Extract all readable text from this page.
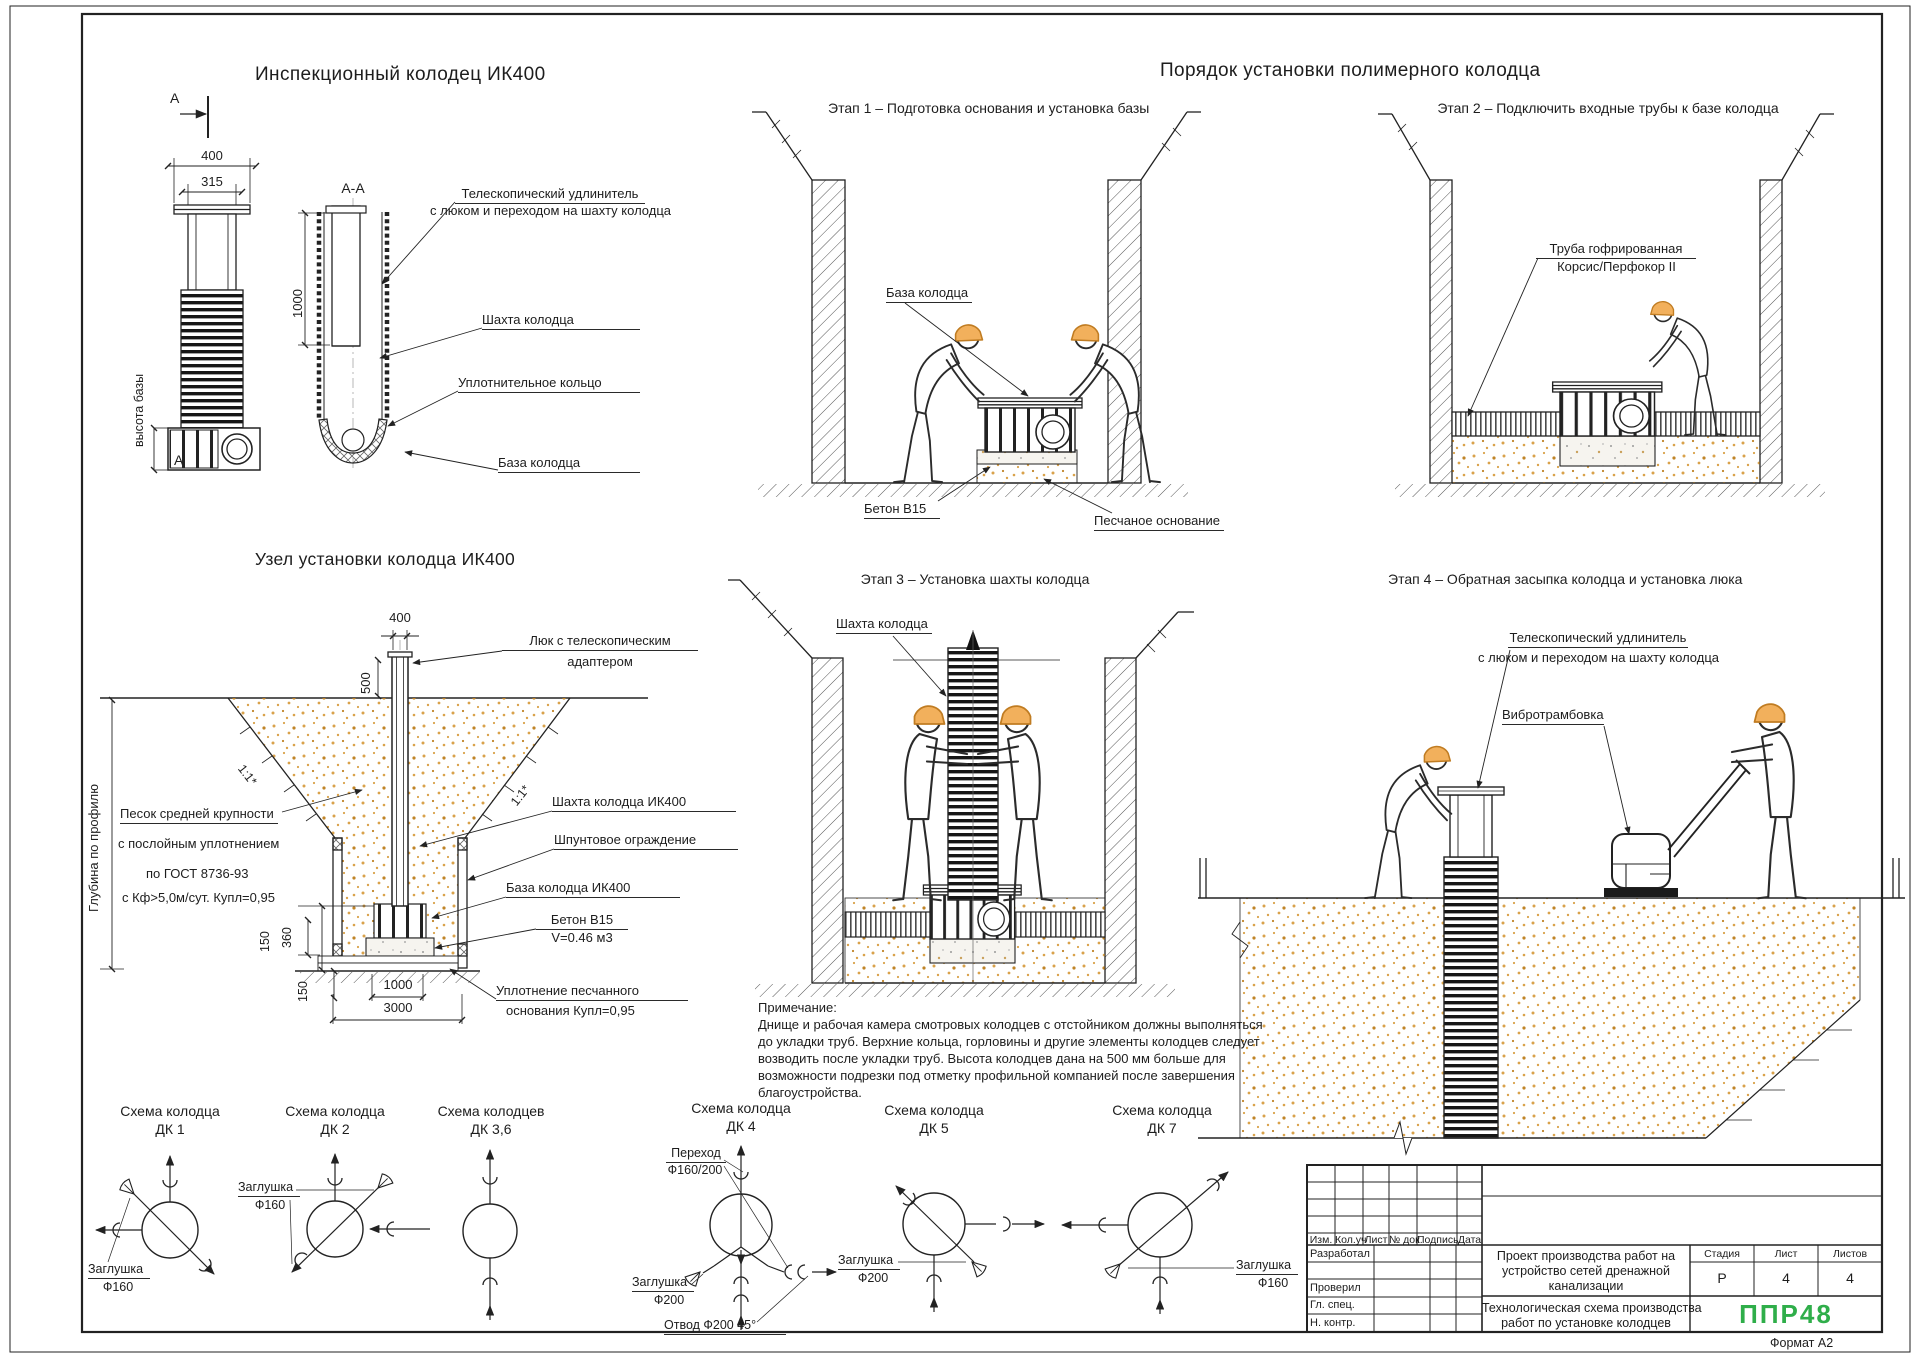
Инспекционный колодец ИК400
А
А
А-А
400
315
1000
высота базы
Телескопический удлинитель
с люком и переходом на шахту колодца
Шахта колодца
Уплотнительное кольцо
База колодца
Порядок установки полимерного колодца
Этап 1 – Подготовка основания и установка базы	Этап 2 – Подключить входные трубы к базе колодца
Этап 3 – Установка шахты колодца	Этап 4 – Обратная засыпка колодца и установка люка
База колодца
Бетон В15
Песчаное основание
Труба гофрированная
Корсис/Перфокор II
Шахта колодца
Телескопический удлинитель
с люком и переходом на шахту колодца
Вибротрамбовка
Узел установки колодца ИК400
400
500
1:1*
1:1*
Глубина по профилю Песок средней крупности
с послойным уплотнением
по ГОСТ 8736-93
с Кф>5,0м/сут. Купл=0,95
Люк с телескопическим
адаптером
Шахта колодца ИК400
Шпунтовое ограждение
База колодца ИК400
Бетон В15
V=0.46 м3
Уплотнение песчанного
основания Купл=0,95
150 360
150	1000
3000	Примечание:
Днище и рабочая камера смотровых колодцев с отстойником должны выполняться
до укладки труб. Верхние кольца, горловины и другие элементы колодцев следует
возводить после укладки труб. Высота колодцев дана на 500 мм больше для
возможности подрезки под отметку профильной компанией после завершения
благоустройства.
Схема колодца
ДК 1
Заглушка
Ф160
Схема колодца
ДК 2
Заглушка
Ф160
Схема колодцев
ДК 3,6
Схема колодца
ДК 4
Переход
Ф160/200
Заглушка
Ф200
Отвод Ф200 45°
Схема колодца
ДК 5
Заглушка
Ф200
Схема колодца
ДК 7
Заглушка
Ф160
Изм. Кол.уч
Лист № док.
Подпись Дата
Разработал
Проверил
Гл. спец.
Н. контр.
Проект производства работ на
устройство сетей дренажной
канализации
Технологическая схема производства
работ по установке колодцев
Стадия	Лист	Листов
Р	4	4
ППР48
Формат А2
